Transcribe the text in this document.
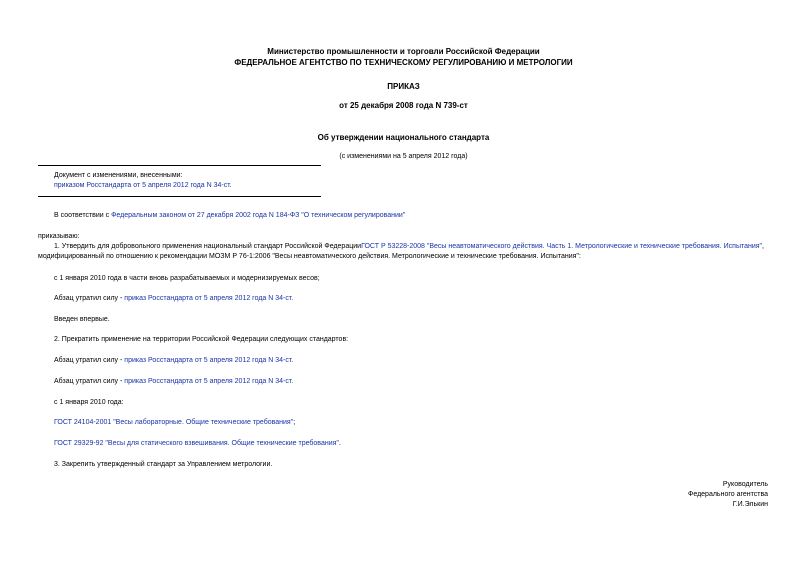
Министерство промышленности и торговли Российской Федерации
ФЕДЕРАЛЬНОЕ АГЕНТСТВО ПО ТЕХНИЧЕСКОМУ РЕГУЛИРОВАНИЮ И МЕТРОЛОГИИ
ПРИКАЗ
от 25 декабря 2008 года N 739-ст
Об утверждении национального стандарта
(с изменениями на 5 апреля 2012 года)
Документ с изменениями, внесенными:
приказом Росстандарта от 5 апреля 2012 года N 34-ст.
В соответствии с Федеральным законом от 27 декабря 2002 года N 184-ФЗ "О техническом регулировании"
приказываю:
1. Утвердить для добровольного применения национальный стандарт Российской ФедерацииГОСТ Р 53228-2008 "Весы неавтоматического действия. Часть 1. Метрологические и технические требования. Испытания", модифицированный по отношению к рекомендации МОЗМ Р 76-1:2006 "Весы неавтоматического действия. Метрологические и технические требования. Испытания":
с 1 января 2010 года в части вновь разрабатываемых и модернизируемых весов;
Абзац утратил силу - приказ Росстандарта от 5 апреля 2012 года N 34-ст.
Введен впервые.
2. Прекратить применение на территории Российской Федерации следующих стандартов:
Абзац утратил силу - приказ Росстандарта от 5 апреля 2012 года N 34-ст.
Абзац утратил силу - приказ Росстандарта от 5 апреля 2012 года N 34-ст.
с 1 января 2010 года:
ГОСТ 24104-2001 "Весы лабораторные. Общие технические требования";
ГОСТ 29329-92 "Весы для статического взвешивания. Общие технические требования".
3. Закрепить утвержденный стандарт за Управлением метрологии.
Руководитель
Федерального агентства
Г.И.Элькин
